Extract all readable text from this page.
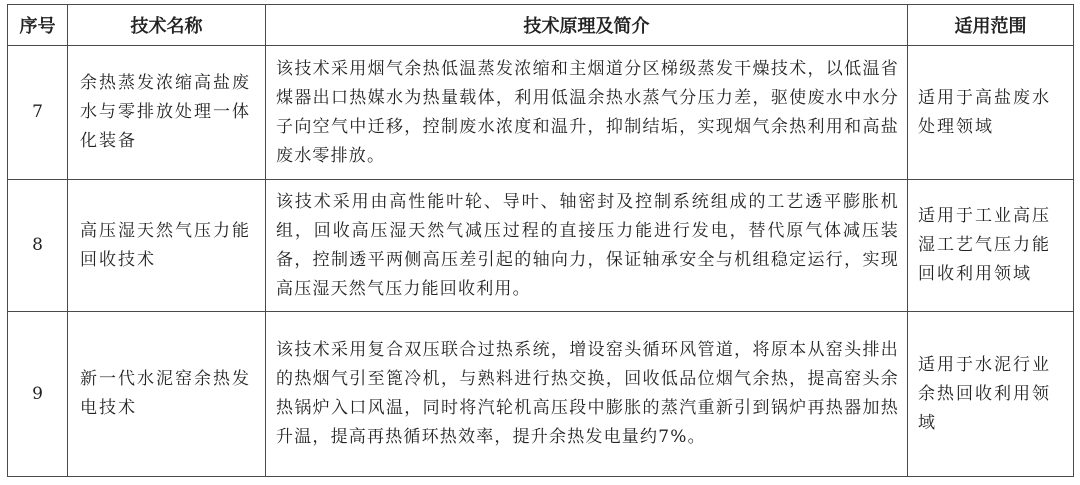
序号	技术名称	技术原理及简介	适用范围
7	余热蒸发浓缩高盐废水与零排放处理一体化装备	该技术采用烟气余热低温蒸发浓缩和主烟道分区梯级蒸发干燥技术，以低温省煤器出口热媒水为热量载体，利用低温余热水蒸气分压力差，驱使废水中水分子向空气中迁移，控制废水浓度和温升，抑制结垢，实现烟气余热利用和高盐废水零排放。	适用于高盐废水处理领域
8	高压湿天然气压力能回收技术	该技术采用由高性能叶轮、导叶、轴密封及控制系统组成的工艺透平膨胀机组，回收高压湿天然气减压过程的直接压力能进行发电，替代原气体减压装备，控制透平两侧高压差引起的轴向力，保证轴承安全与机组稳定运行，实现高压湿天然气压力能回收利用。	适用于工业高压湿工艺气压力能回收利用领域
9	新一代水泥窑余热发电技术	该技术采用复合双压联合过热系统，增设窑头循环风管道，将原本从窑头排出的热烟气引至篦冷机，与熟料进行热交换，回收低品位烟气余热，提高窑头余热锅炉入口风温，同时将汽轮机高压段中膨胀的蒸汽重新引到锅炉再热器加热升温，提高再热循环热效率，提升余热发电量约7%。	适用于水泥行业余热回收利用领域
